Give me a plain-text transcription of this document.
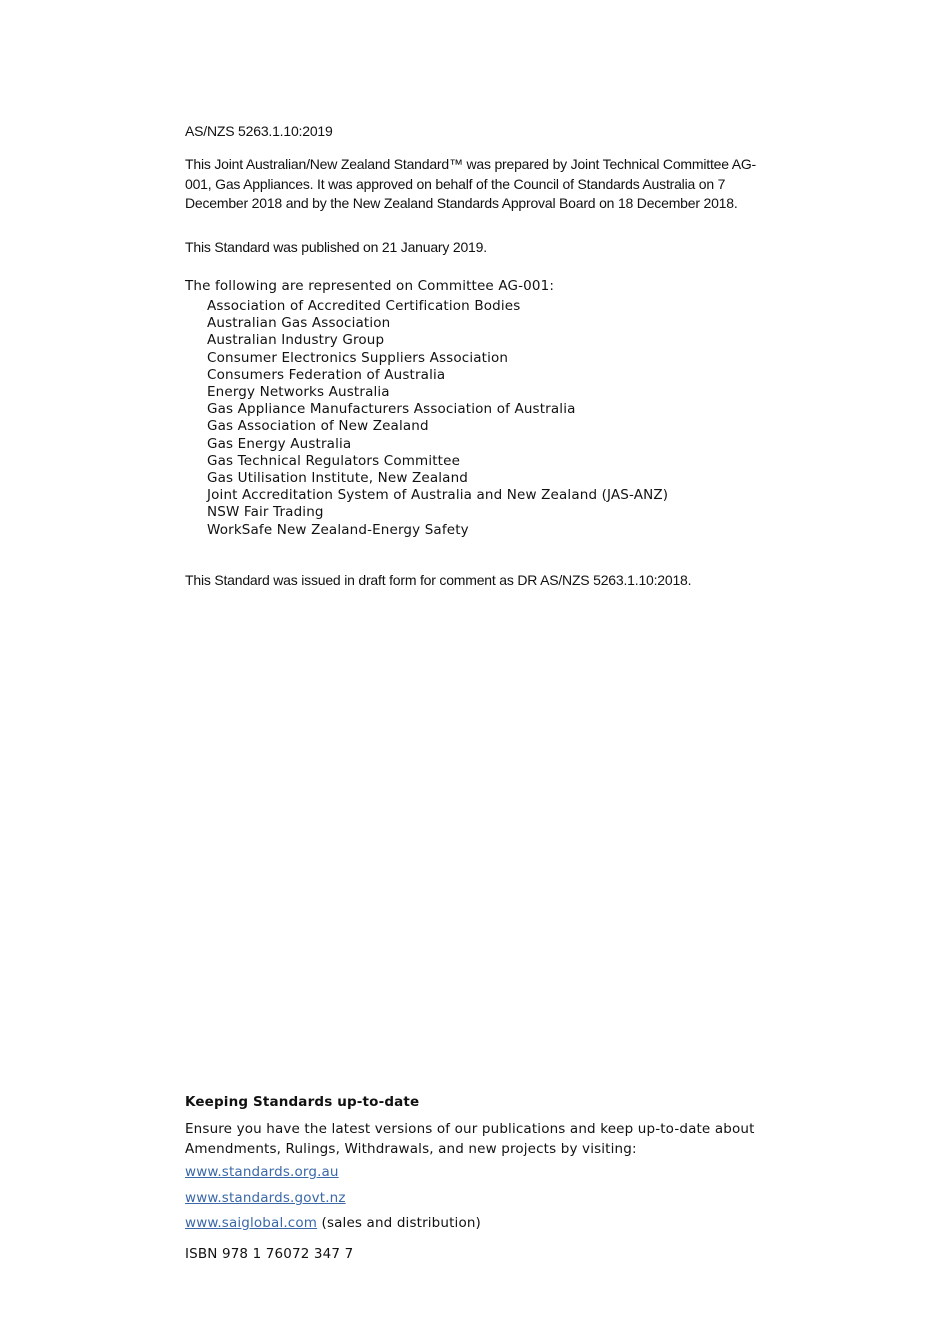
AS/NZS 5263.1.10:2019
This Joint Australian/New Zealand Standard™ was prepared by Joint Technical Committee AG-001, Gas Appliances. It was approved on behalf of the Council of Standards Australia on 7 December 2018 and by the New Zealand Standards Approval Board on 18 December 2018.
This Standard was published on 21 January 2019.
The following are represented on Committee AG-001:
Association of Accredited Certification Bodies
Australian Gas Association
Australian Industry Group
Consumer Electronics Suppliers Association
Consumers Federation of Australia
Energy Networks Australia
Gas Appliance Manufacturers Association of Australia
Gas Association of New Zealand
Gas Energy Australia
Gas Technical Regulators Committee
Gas Utilisation Institute, New Zealand
Joint Accreditation System of Australia and New Zealand (JAS-ANZ)
NSW Fair Trading
WorkSafe New Zealand-Energy Safety
This Standard was issued in draft form for comment as DR AS/NZS 5263.1.10:2018.
Keeping Standards up-to-date
Ensure you have the latest versions of our publications and keep up-to-date about Amendments, Rulings, Withdrawals, and new projects by visiting:
www.standards.org.au
www.standards.govt.nz
www.saiglobal.com (sales and distribution)
ISBN 978 1 76072 347 7
